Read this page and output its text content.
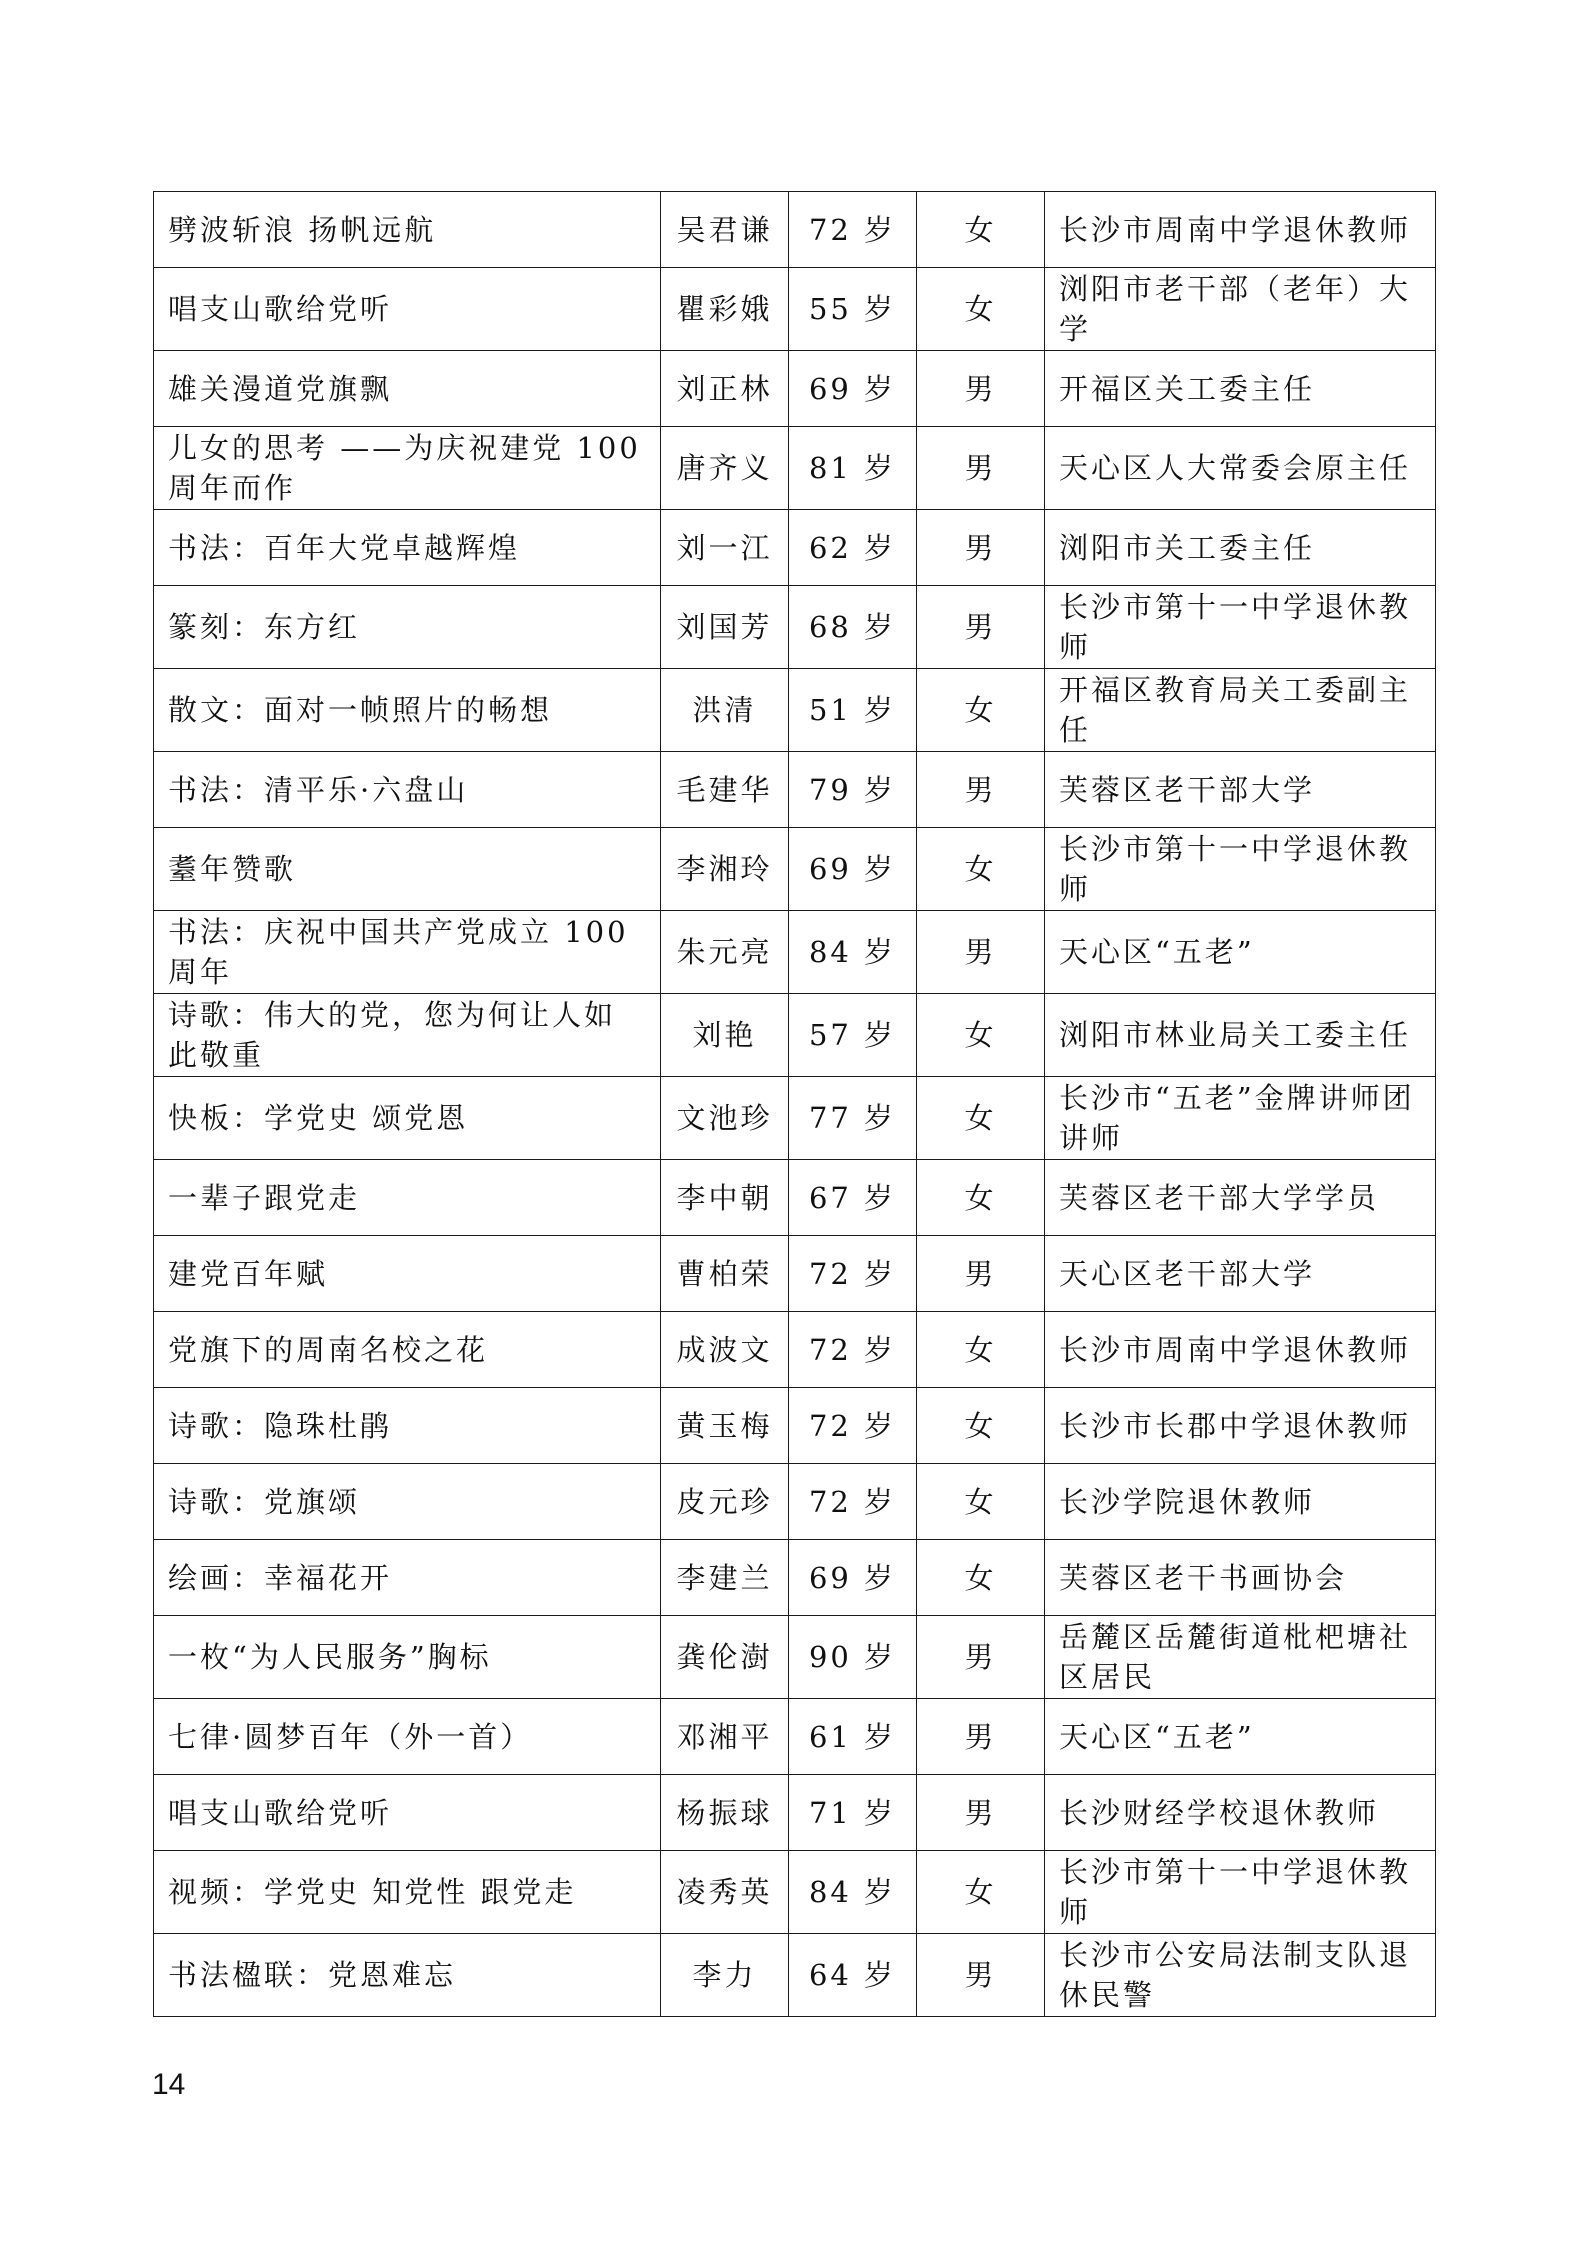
劈波斩浪 扬帆远航	吴君谦	72 岁	女	长沙市周南中学退休教师
唱支山歌给党听	瞿彩娥	55 岁	女	浏阳市老干部（老年）大学
雄关漫道党旗飘	刘正林	69 岁	男	开福区关工委主任
儿女的思考 ——为庆祝建党 100 周年而作	唐齐义	81 岁	男	天心区人大常委会原主任
书法：百年大党卓越辉煌	刘一江	62 岁	男	浏阳市关工委主任
篆刻：东方红	刘国芳	68 岁	男	长沙市第十一中学退休教师
散文：面对一帧照片的畅想	洪清	51 岁	女	开福区教育局关工委副主任
书法：清平乐·六盘山	毛建华	79 岁	男	芙蓉区老干部大学
耋年赞歌	李湘玲	69 岁	女	长沙市第十一中学退休教师
书法：庆祝中国共产党成立 100 周年	朱元亮	84 岁	男	天心区“五老”
诗歌：伟大的党，您为何让人如此敬重	刘艳	57 岁	女	浏阳市林业局关工委主任
快板：学党史 颂党恩	文池珍	77 岁	女	长沙市“五老”金牌讲师团讲师
一辈子跟党走	李中朝	67 岁	女	芙蓉区老干部大学学员
建党百年赋	曹柏荣	72 岁	男	天心区老干部大学
党旗下的周南名校之花	成波文	72 岁	女	长沙市周南中学退休教师
诗歌：隐珠杜鹃	黄玉梅	72 岁	女	长沙市长郡中学退休教师
诗歌：党旗颂	皮元珍	72 岁	女	长沙学院退休教师
绘画：幸福花开	李建兰	69 岁	女	芙蓉区老干书画协会
一枚“为人民服务”胸标	龚伦澍	90 岁	男	岳麓区岳麓街道枇杷塘社区居民
七律·圆梦百年（外一首）	邓湘平	61 岁	男	天心区“五老”
唱支山歌给党听	杨振球	71 岁	男	长沙财经学校退休教师
视频：学党史 知党性 跟党走	凌秀英	84 岁	女	长沙市第十一中学退休教师
书法楹联：党恩难忘	李力	64 岁	男	长沙市公安局法制支队退休民警
14
